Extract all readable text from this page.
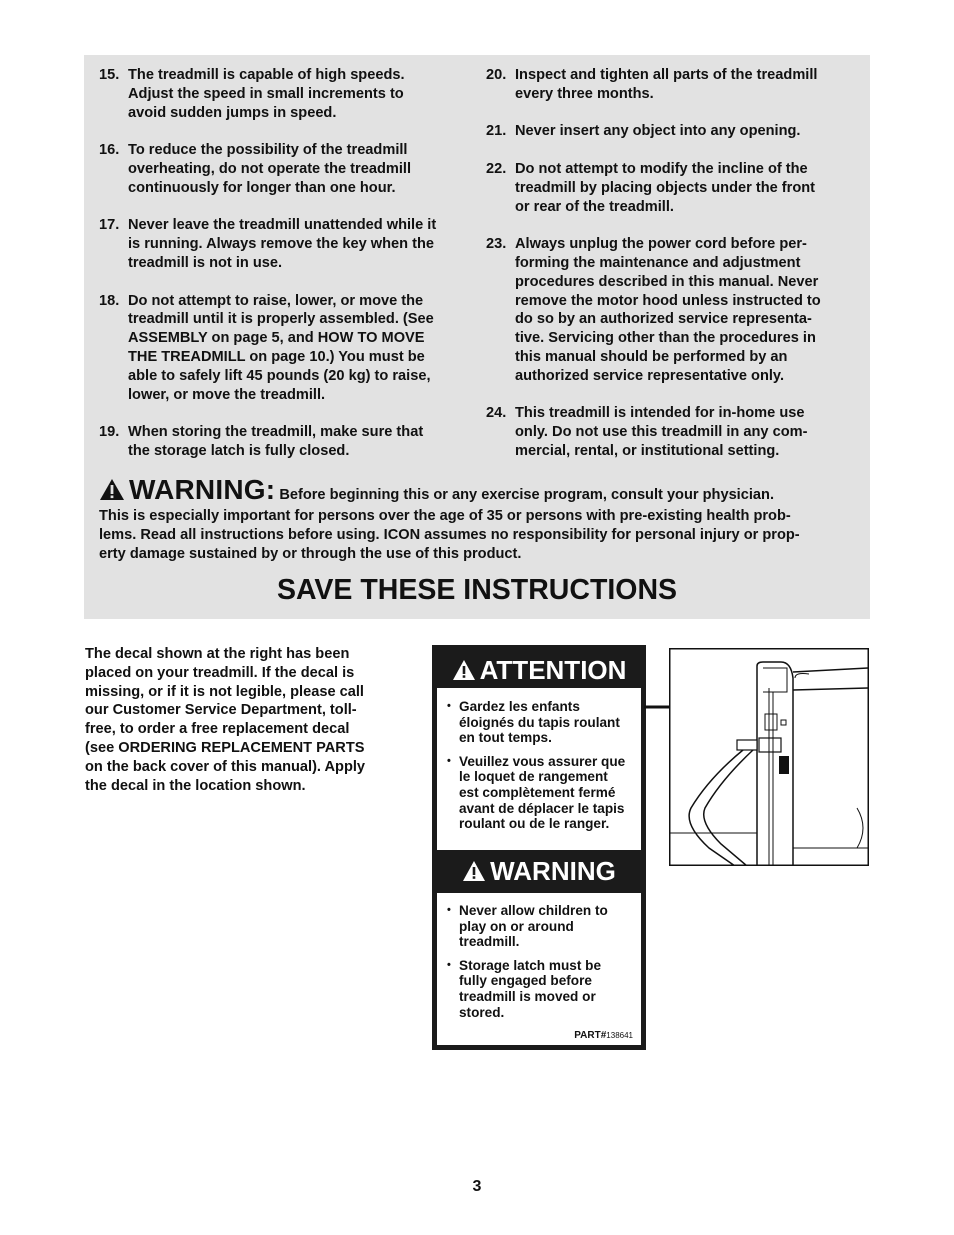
15. The treadmill is capable of high speeds.
Adjust the speed in small increments to
avoid sudden jumps in speed.
16. To reduce the possibility of the treadmill
overheating, do not operate the treadmill
continuously for longer than one hour.
17. Never leave the treadmill unattended while it
is running. Always remove the key when the
treadmill is not in use.
18. Do not attempt to raise, lower, or move the
treadmill until it is properly assembled. (See
ASSEMBLY on page 5, and HOW TO MOVE
THE TREADMILL on page 10.) You must be
able to safely lift 45 pounds (20 kg) to raise,
lower, or move the treadmill.
19. When storing the treadmill, make sure that
the storage latch is fully closed.
20. Inspect and tighten all parts of the treadmill
every three months.
21. Never insert any object into any opening.
22. Do not attempt to modify the incline of the
treadmill by placing objects under the front
or rear of the treadmill.
23. Always unplug the power cord before per-
forming the maintenance and adjustment
procedures described in this manual. Never
remove the motor hood unless instructed to
do so by an authorized service representa-
tive. Servicing other than the procedures in
this manual should be performed by an
authorized service representative only.
24. This treadmill is intended for in-home use
only. Do not use this treadmill in any com-
mercial, rental, or institutional setting.
WARNING: Before beginning this or any exercise program, consult your physician.
This is especially important for persons over the age of 35 or persons with pre-existing health prob-
lems. Read all instructions before using. ICON assumes no responsibility for personal injury or prop-
erty damage sustained by or through the use of this product.
SAVE THESE INSTRUCTIONS
The decal shown at the right has been
placed on your treadmill. If the decal is
missing, or if it is not legible, please call
our Customer Service Department, toll-
free, to order a free replacement decal
(see ORDERING REPLACEMENT PARTS
on the back cover of this manual). Apply
the decal in the location shown.
ATTENTION
• Gardez les enfants
éloignés du tapis roulant
en tout temps.
• Veuillez vous assurer que
le loquet de rangement
est complètement fermé
avant de déplacer le tapis
roulant ou de le ranger.
WARNING
• Never allow children to
play on or around
treadmill.
• Storage latch must be
fully engaged before
treadmill is moved or
stored.
PART#138641
3
